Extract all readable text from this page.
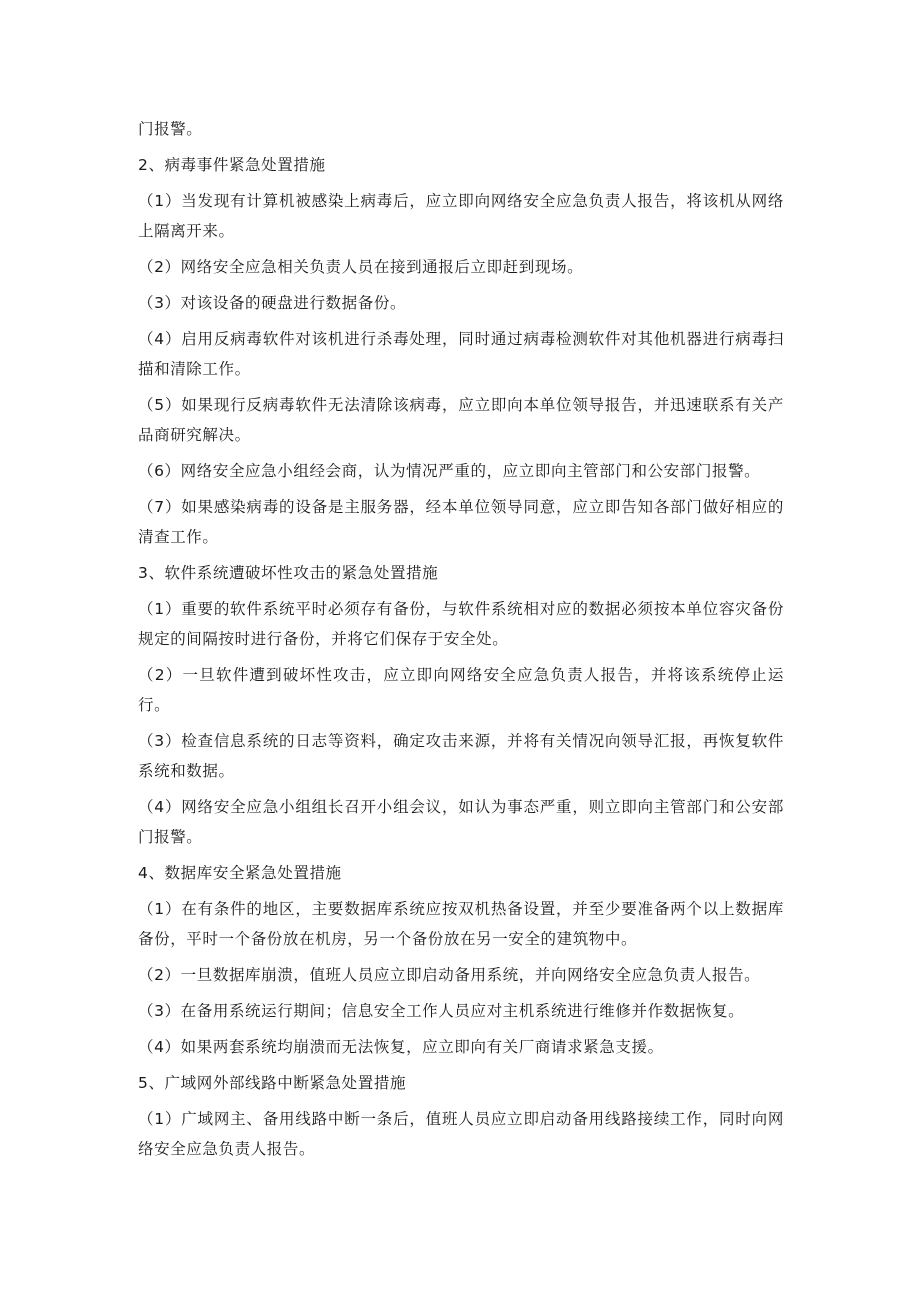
门报警。

2、病毒事件紧急处置措施

（1）当发现有计算机被感染上病毒后，应立即向网络安全应急负责人报告，将该机从网络上隔离开来。

（2）网络安全应急相关负责人员在接到通报后立即赶到现场。

（3）对该设备的硬盘进行数据备份。

（4）启用反病毒软件对该机进行杀毒处理，同时通过病毒检测软件对其他机器进行病毒扫描和清除工作。

（5）如果现行反病毒软件无法清除该病毒，应立即向本单位领导报告，并迅速联系有关产品商研究解决。

（6）网络安全应急小组经会商，认为情况严重的，应立即向主管部门和公安部门报警。

（7）如果感染病毒的设备是主服务器，经本单位领导同意，应立即告知各部门做好相应的清查工作。

3、软件系统遭破坏性攻击的紧急处置措施

（1）重要的软件系统平时必须存有备份，与软件系统相对应的数据必须按本单位容灾备份规定的间隔按时进行备份，并将它们保存于安全处。

（2）一旦软件遭到破坏性攻击，应立即向网络安全应急负责人报告，并将该系统停止运行。

（3）检查信息系统的日志等资料，确定攻击来源，并将有关情况向领导汇报，再恢复软件系统和数据。

（4）网络安全应急小组组长召开小组会议，如认为事态严重，则立即向主管部门和公安部门报警。

4、数据库安全紧急处置措施

（1）在有条件的地区，主要数据库系统应按双机热备设置，并至少要准备两个以上数据库备份，平时一个备份放在机房，另一个备份放在另一安全的建筑物中。

（2）一旦数据库崩溃，值班人员应立即启动备用系统，并向网络安全应急负责人报告。

（3）在备用系统运行期间；信息安全工作人员应对主机系统进行维修并作数据恢复。

（4）如果两套系统均崩溃而无法恢复，应立即向有关厂商请求紧急支援。

5、广域网外部线路中断紧急处置措施

（1）广域网主、备用线路中断一条后，值班人员应立即启动备用线路接续工作，同时向网络安全应急负责人报告。
